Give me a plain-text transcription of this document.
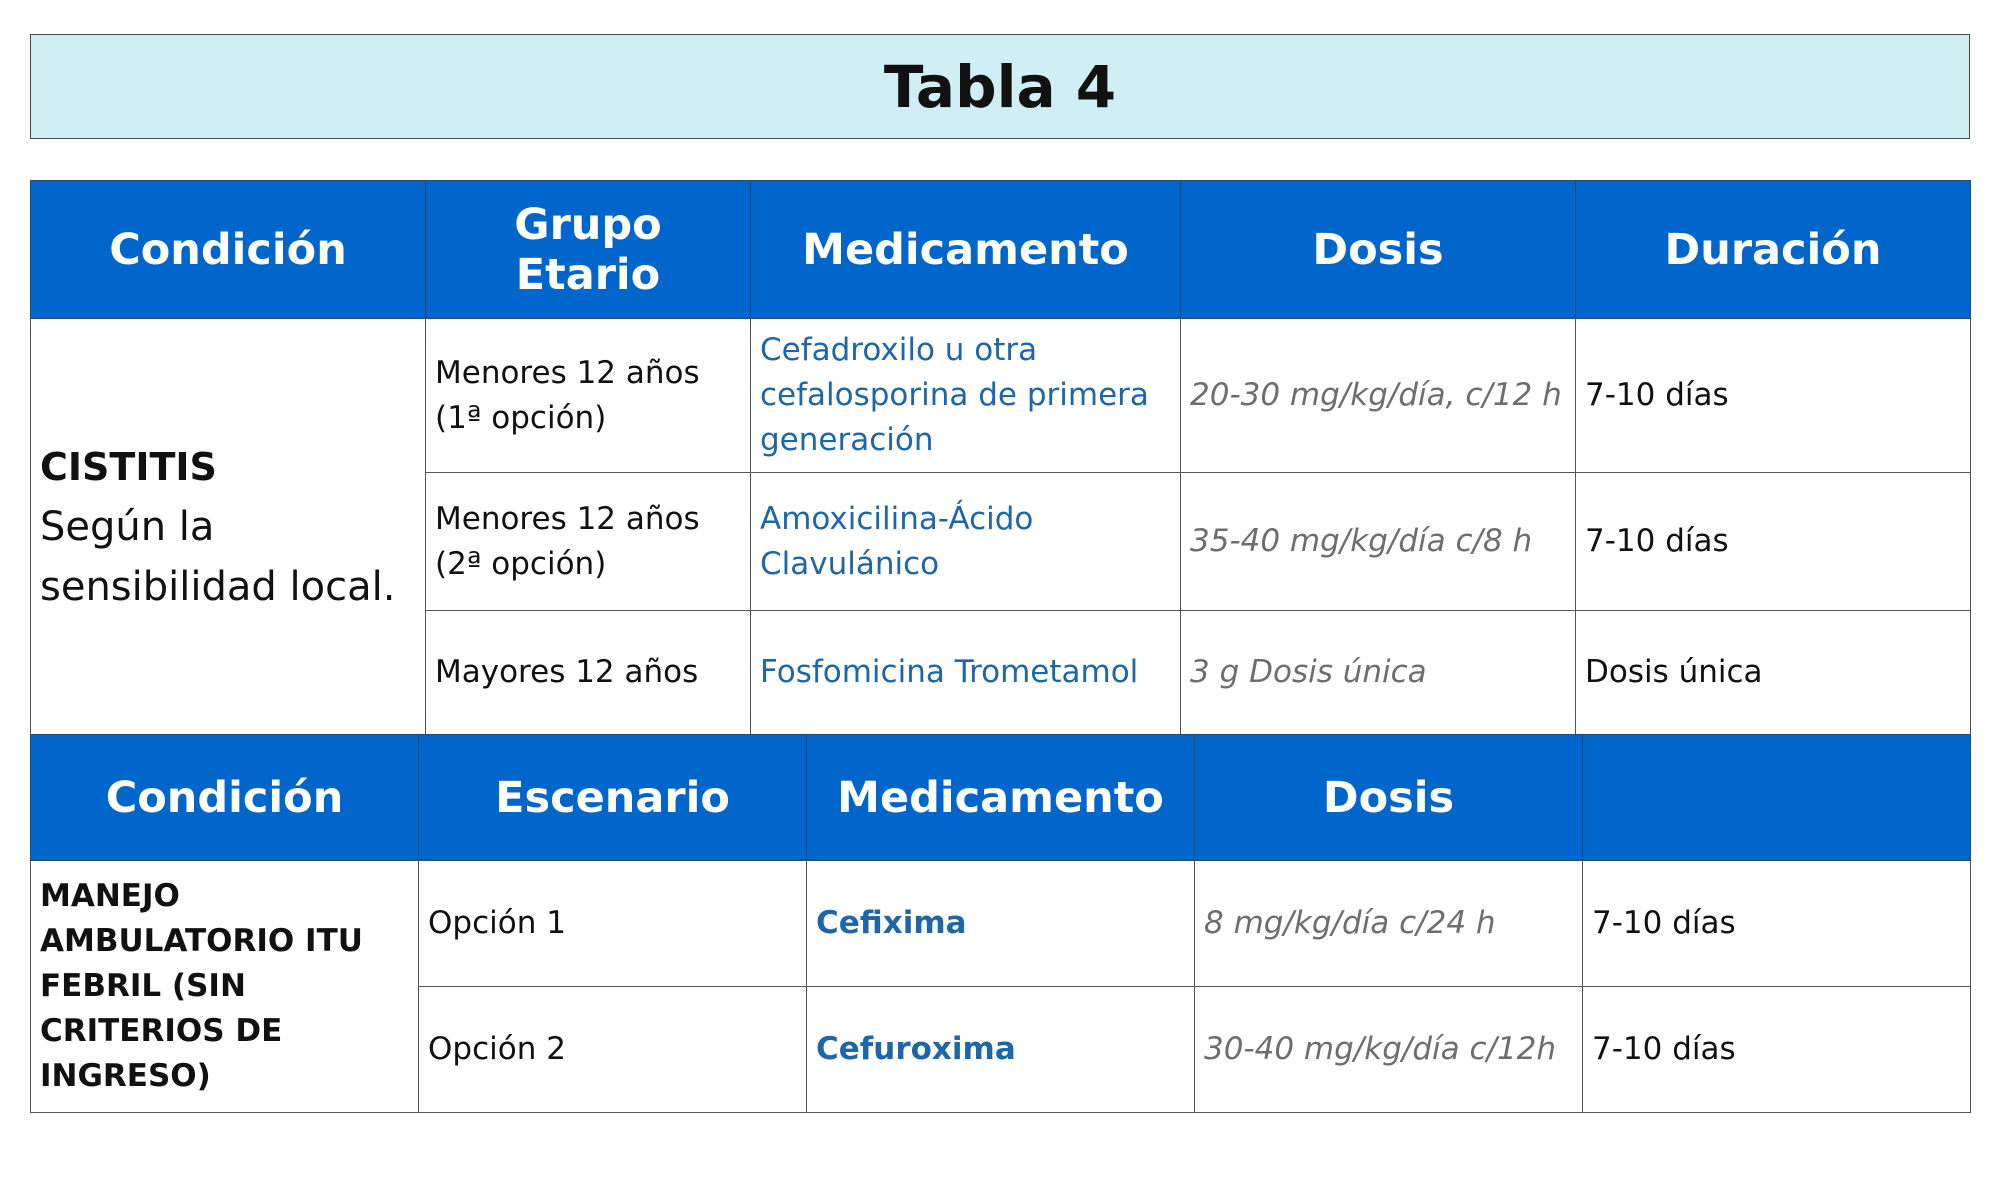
Tabla 4
Condición	Grupo Etario	Medicamento	Dosis	Duración

CISTITIS
Según la sensibilidad local.	Menores 12 años (1ª opción)	Cefadroxilo u otra cefalosporina de primera generación	20-30 mg/kg/día, c/12 h	7-10 días
	Menores 12 años (2ª opción)	Amoxicilina-Ácido Clavulánico	35-40 mg/kg/día c/8 h	7-10 días
	Mayores 12 años	Fosfomicina Trometamol	3 g Dosis única	Dosis única
Condición	Escenario	Medicamento	Dosis	
MANEJO AMBULATORIO ITU FEBRIL (SIN CRITERIOS DE INGRESO)	Opción 1	Cefixima	8 mg/kg/día c/24 h	7-10 días
	Opción 2	Cefuroxima	30-40 mg/kg/día c/12h	7-10 días
